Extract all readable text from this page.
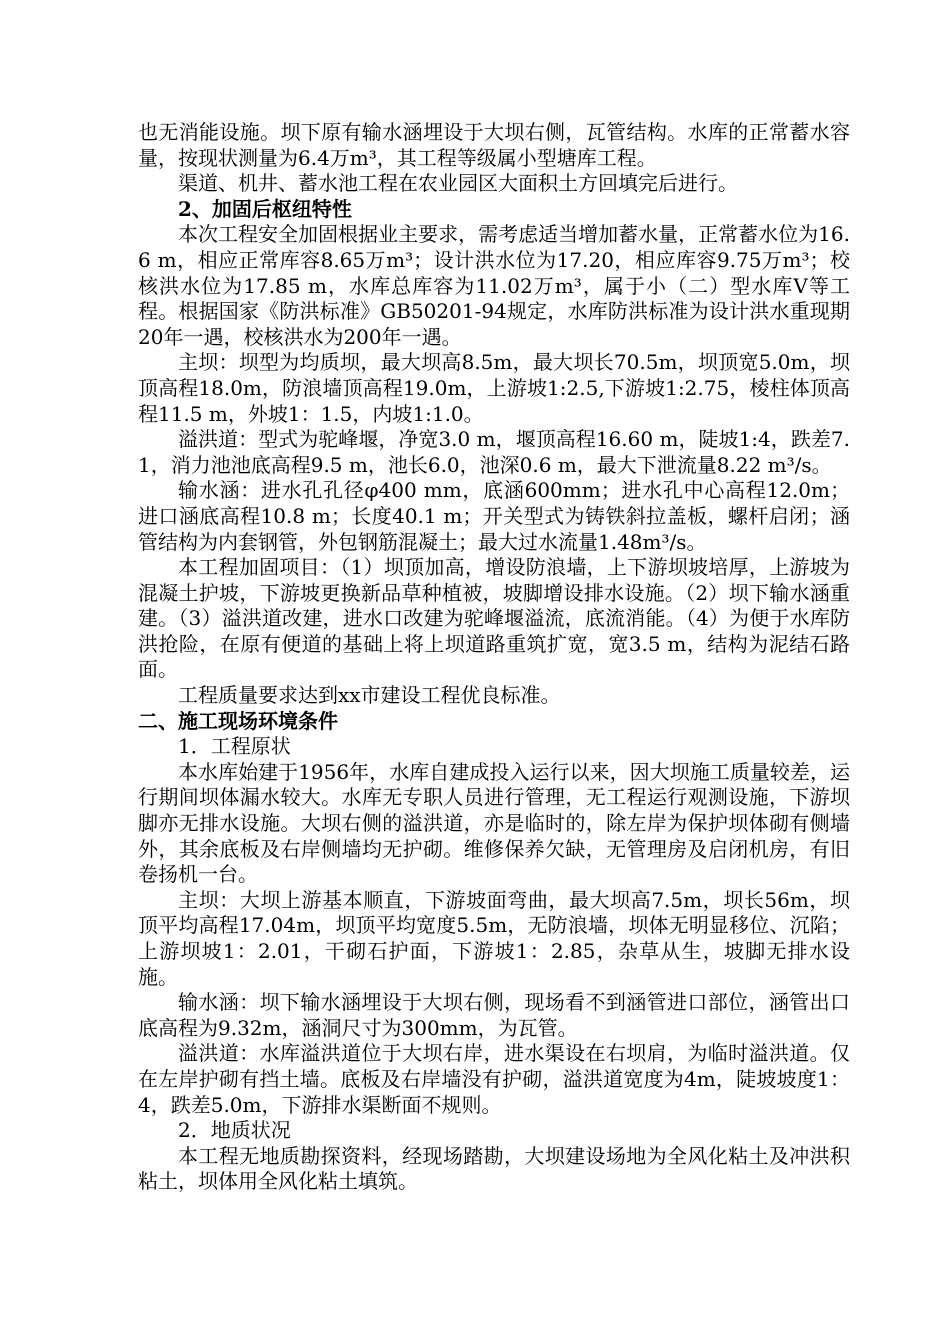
也无消能设施。坝下原有输水涵埋设于大坝右侧，瓦管结构。水库的正常蓄水容量，按现状测量为6.4万m³，其工程等级属小型塘库工程。

渠道、机井、蓄水池工程在农业园区大面积土方回填完后进行。

2、加固后枢纽特性

本次工程安全加固根据业主要求，需考虑适当增加蓄水量，正常蓄水位为16.6 m，相应正常库容8.65万m³；设计洪水位为17.20，相应库容9.75万m³；校核洪水位为17.85 m，水库总库容为11.02万m³，属于小（二）型水库V等工程。根据国家《防洪标准》GB50201-94规定，水库防洪标准为设计洪水重现期20年一遇，校核洪水为200年一遇。

主坝：坝型为均质坝，最大坝高8.5m，最大坝长70.5m，坝顶宽5.0m，坝顶高程18.0m，防浪墙顶高程19.0m，上游坡1:2.5,下游坡1:2.75，棱柱体顶高程11.5 m，外坡1：1.5，内坡1:1.0。

溢洪道：型式为驼峰堰，净宽3.0 m，堰顶高程16.60 m，陡坡1:4，跌差7.1，消力池池底高程9.5 m，池长6.0，池深0.6 m，最大下泄流量8.22 m³/s。

输水涵：进水孔孔径φ400 mm，底涵600mm；进水孔中心高程12.0m；进口涵底高程10.8 m；长度40.1 m；开关型式为铸铁斜拉盖板，螺杆启闭；涵管结构为内套钢管，外包钢筋混凝土；最大过水流量1.48m³/s。

本工程加固项目：（1）坝顶加高，增设防浪墙，上下游坝坡培厚，上游坡为混凝土护坡，下游坡更换新品草种植被，坡脚增设排水设施。（2）坝下输水涵重建。（3）溢洪道改建，进水口改建为驼峰堰溢流，底流消能。（4）为便于水库防洪抢险，在原有便道的基础上将上坝道路重筑扩宽，宽3.5 m，结构为泥结石路面。

工程质量要求达到xx市建设工程优良标准。

二、施工现场环境条件

1．工程原状

本水库始建于1956年，水库自建成投入运行以来，因大坝施工质量较差，运行期间坝体漏水较大。水库无专职人员进行管理，无工程运行观测设施，下游坝脚亦无排水设施。大坝右侧的溢洪道，亦是临时的，除左岸为保护坝体砌有侧墙外，其余底板及右岸侧墙均无护砌。维修保养欠缺，无管理房及启闭机房，有旧卷扬机一台。

主坝：大坝上游基本顺直，下游坡面弯曲，最大坝高7.5m，坝长56m，坝顶平均高程17.04m，坝顶平均宽度5.5m，无防浪墙，坝体无明显移位、沉陷；上游坝坡1：2.01，干砌石护面，下游坡1：2.85，杂草从生，坡脚无排水设施。

输水涵：坝下输水涵埋设于大坝右侧，现场看不到涵管进口部位，涵管出口底高程为9.32m，涵洞尺寸为300mm，为瓦管。

溢洪道：水库溢洪道位于大坝右岸，进水渠设在右坝肩，为临时溢洪道。仅在左岸护砌有挡土墙。底板及右岸墙没有护砌，溢洪道宽度为4m，陡坡坡度1：4，跌差5.0m，下游排水渠断面不规则。

2．地质状况

本工程无地质勘探资料，经现场踏勘，大坝建设场地为全风化粘土及冲洪积粘土，坝体用全风化粘土填筑。
